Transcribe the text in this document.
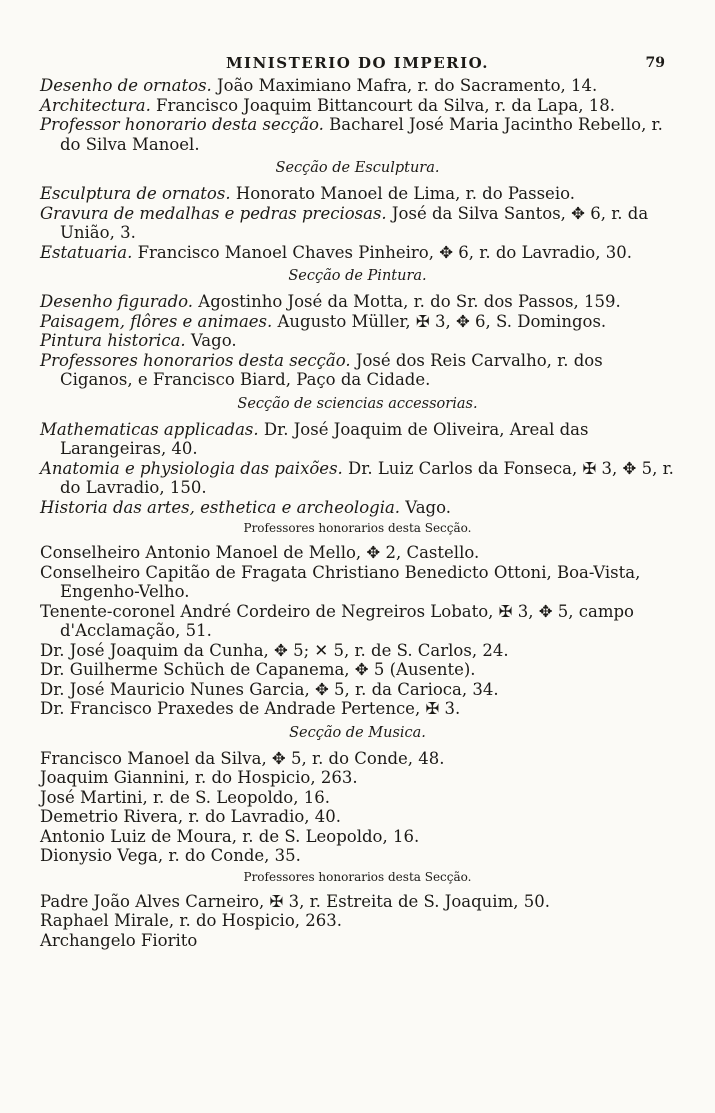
MINISTERIO DO IMPERIO.	79
Desenho de ornatos. João Maximiano Mafra, r. do Sacramento, 14.
Architectura. Francisco Joaquim Bittancourt da Silva, r. da Lapa, 18.
Professor honorario desta secção. Bacharel José Maria Jacintho Rebello, r. do Silva Manoel.
Secção de Esculptura.
Esculptura de ornatos. Honorato Manoel de Lima, r. do Passeio.
Gravura de medalhas e pedras preciosas. José da Silva Santos, ✥ 6, r. da União, 3.
Estatuaria. Francisco Manoel Chaves Pinheiro, ✥ 6, r. do Lavradio, 30.
Secção de Pintura.
Desenho figurado. Agostinho José da Motta, r. do Sr. dos Passos, 159.
Paisagem, flôres e animaes. Augusto Müller, ✠ 3, ✥ 6, S. Domingos.
Pintura historica. Vago.
Professores honorarios desta secção. José dos Reis Carvalho, r. dos Ciganos, e Francisco Biard, Paço da Cidade.
Secção de sciencias accessorias.
Mathematicas applicadas. Dr. José Joaquim de Oliveira, Areal das Larangeiras, 40.
Anatomia e physiologia das paixões. Dr. Luiz Carlos da Fonseca, ✠ 3, ✥ 5, r. do Lavradio, 150.
Historia das artes, esthetica e archeologia. Vago.
Professores honorarios desta Secção.
Conselheiro Antonio Manoel de Mello, ✥ 2, Castello.
Conselheiro Capitão de Fragata Christiano Benedicto Ottoni, Boa-Vista, Engenho-Velho.
Tenente-coronel André Cordeiro de Negreiros Lobato, ✠ 3, ✥ 5, campo d'Acclamação, 51.
Dr. José Joaquim da Cunha, ✥ 5; ✕ 5, r. de S. Carlos, 24.
Dr. Guilherme Schüch de Capanema, ✥ 5 (Ausente).
Dr. José Mauricio Nunes Garcia, ✥ 5, r. da Carioca, 34.
Dr. Francisco Praxedes de Andrade Pertence, ✠ 3.
Secção de Musica.
Francisco Manoel da Silva, ✥ 5, r. do Conde, 48.
Joaquim Giannini, r. do Hospicio, 263.
José Martini, r. de S. Leopoldo, 16.
Demetrio Rivera, r. do Lavradio, 40.
Antonio Luiz de Moura, r. de S. Leopoldo, 16.
Dionysio Vega, r. do Conde, 35.
Professores honorarios desta Secção.
Padre João Alves Carneiro, ✠ 3, r. Estreita de S. Joaquim, 50.
Raphael Mirale, r. do Hospicio, 263.
Archangelo Fiorito
